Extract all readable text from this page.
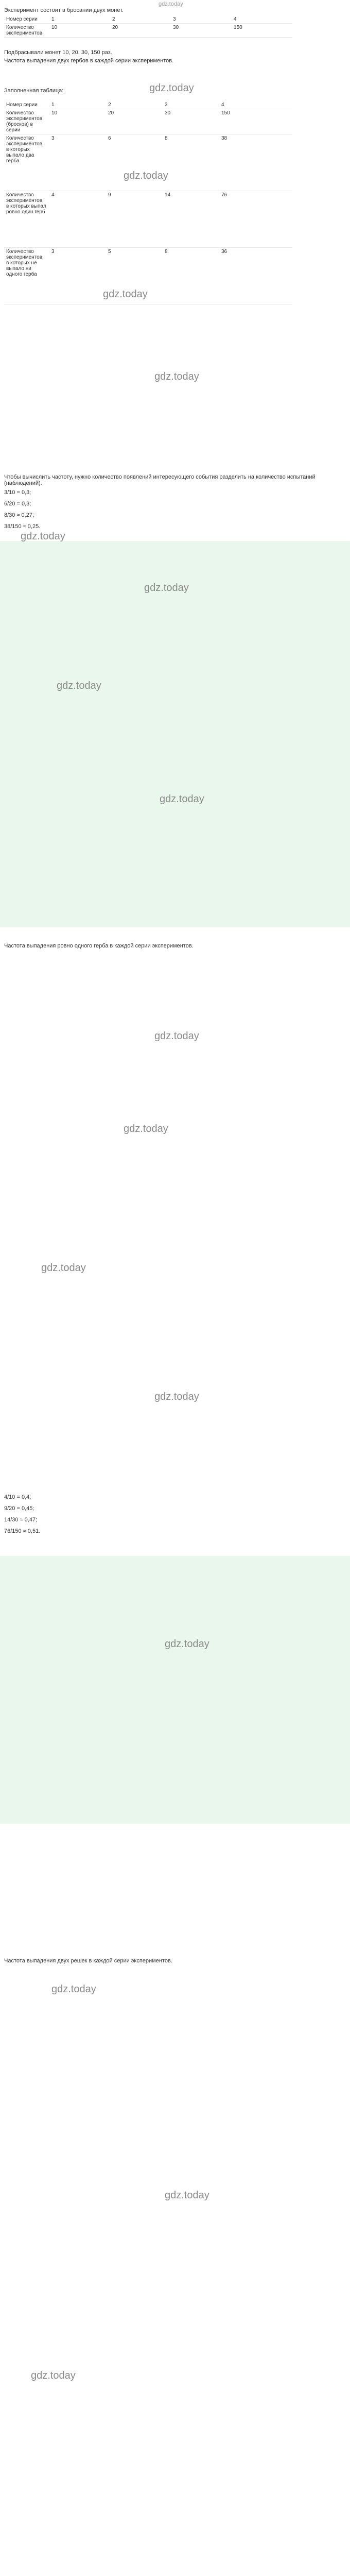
gdz.today
Эксперимент состоит в бросании двух монет.
Номер серии	1	2	3	4
Количество экспериментов	10	20	30	150
Подбрасывали монет 10, 20, 30, 150 раз.
Частота выпадения двух гербов в каждой серии экспериментов.
Заполненная таблица:	gdz.today
Номер серии	1	2	3	4
Количество экспериментов (бросков) в серии	10	20	30	150
Количество экспериментов, в которых выпало два герба	3	6	8	38
Количество экспериментов, в которых выпал ровно один герб	4	9	14	76
Количество экспериментов, в которых не выпало ни одного герба	3	5	8	36
gdz.today
gdz.today
gdz.today
Чтобы вычислить частоту, нужно количество появлений интересующего события разделить на количество испытаний (наблюдений).
3/10 = 0,3;
6/20 = 0,3;
8/30 ≈ 0,27;
38/150 ≈ 0,25.
gdz.today
gdz.today
gdz.today
gdz.today
Частота выпадения ровно одного герба в каждой серии экспериментов.
4/10 = 0,4;
9/20 = 0,45;
14/30 ≈ 0,47;
76/150 ≈ 0,51.
gdz.today
gdz.today
gdz.today
gdz.today
gdz.today
Частота выпадения двух решек в каждой серии экспериментов.
gdz.today
gdz.today
gdz.today
